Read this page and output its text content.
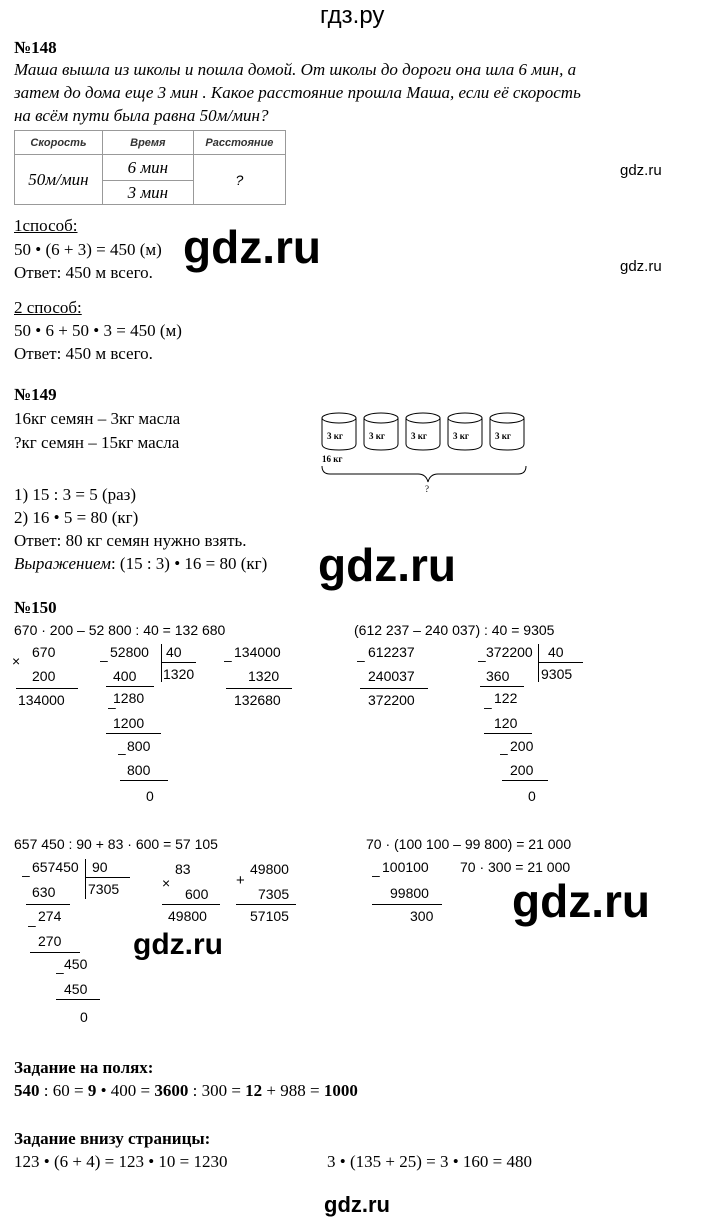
гдз.ру
№148
Маша вышла из школы и пошла домой. От школы до дороги она шла 6 мин, а
затем до дома еще 3 мин . Какое расстояние прошла Маша, если её скорость
на всём пути была равна 50м/мин?
Скорость	Время	Расстояние
50м/мин	6 мин	?
	3 мин	
gdz.ru
1способ:
50 • (6 + 3) = 450 (м) gdz.ru
Ответ: 450 м всего.	gdz.ru
2 способ:
50 • 6 + 50 • 3 = 450 (м)
Ответ: 450 м всего.
№149
16кг семян – 3кг масла
?кг семян – 15кг масла	3 кг	3 кг	3 кг	3 кг	3 кг
16 кг
?
1) 15 : 3 = 5 (раз)
2) 16 • 5 = 80 (кг)
Ответ: 80 кг семян нужно взять.
Выражением: (15 : 3) • 16 = 80 (кг) gdz.ru
№150
670 · 200 – 52 800 : 40 = 132 680	(612 237 – 240 037) : 40 = 9305
×
670
200
134000
– 52800 40
1320
400
–
1280
1200
– 800
800
0
– 134000
1320
132680
– 612237
240037
372200
– 372200 40
9305
360
–
122
120
– 200
200
0
657 450 : 90 + 83 · 600 = 57 105	70 · (100 100 – 99 800) = 21 000
– 657450 90
7305
630
–
274
270
– 450
450
0
×
83
600
49800
+
49800
7305
57105
– 100100
99800
300
70 · 300 = 21 000
gdz.ru
gdz.ru
Задание на полях:
540 : 60 = 9 • 400 = 3600 : 300 = 12 + 988 = 1000
Задание внизу страницы:
123 • (6 + 4) = 123 • 10 = 1230	3 • (135 + 25) = 3 • 160 = 480
gdz.ru
